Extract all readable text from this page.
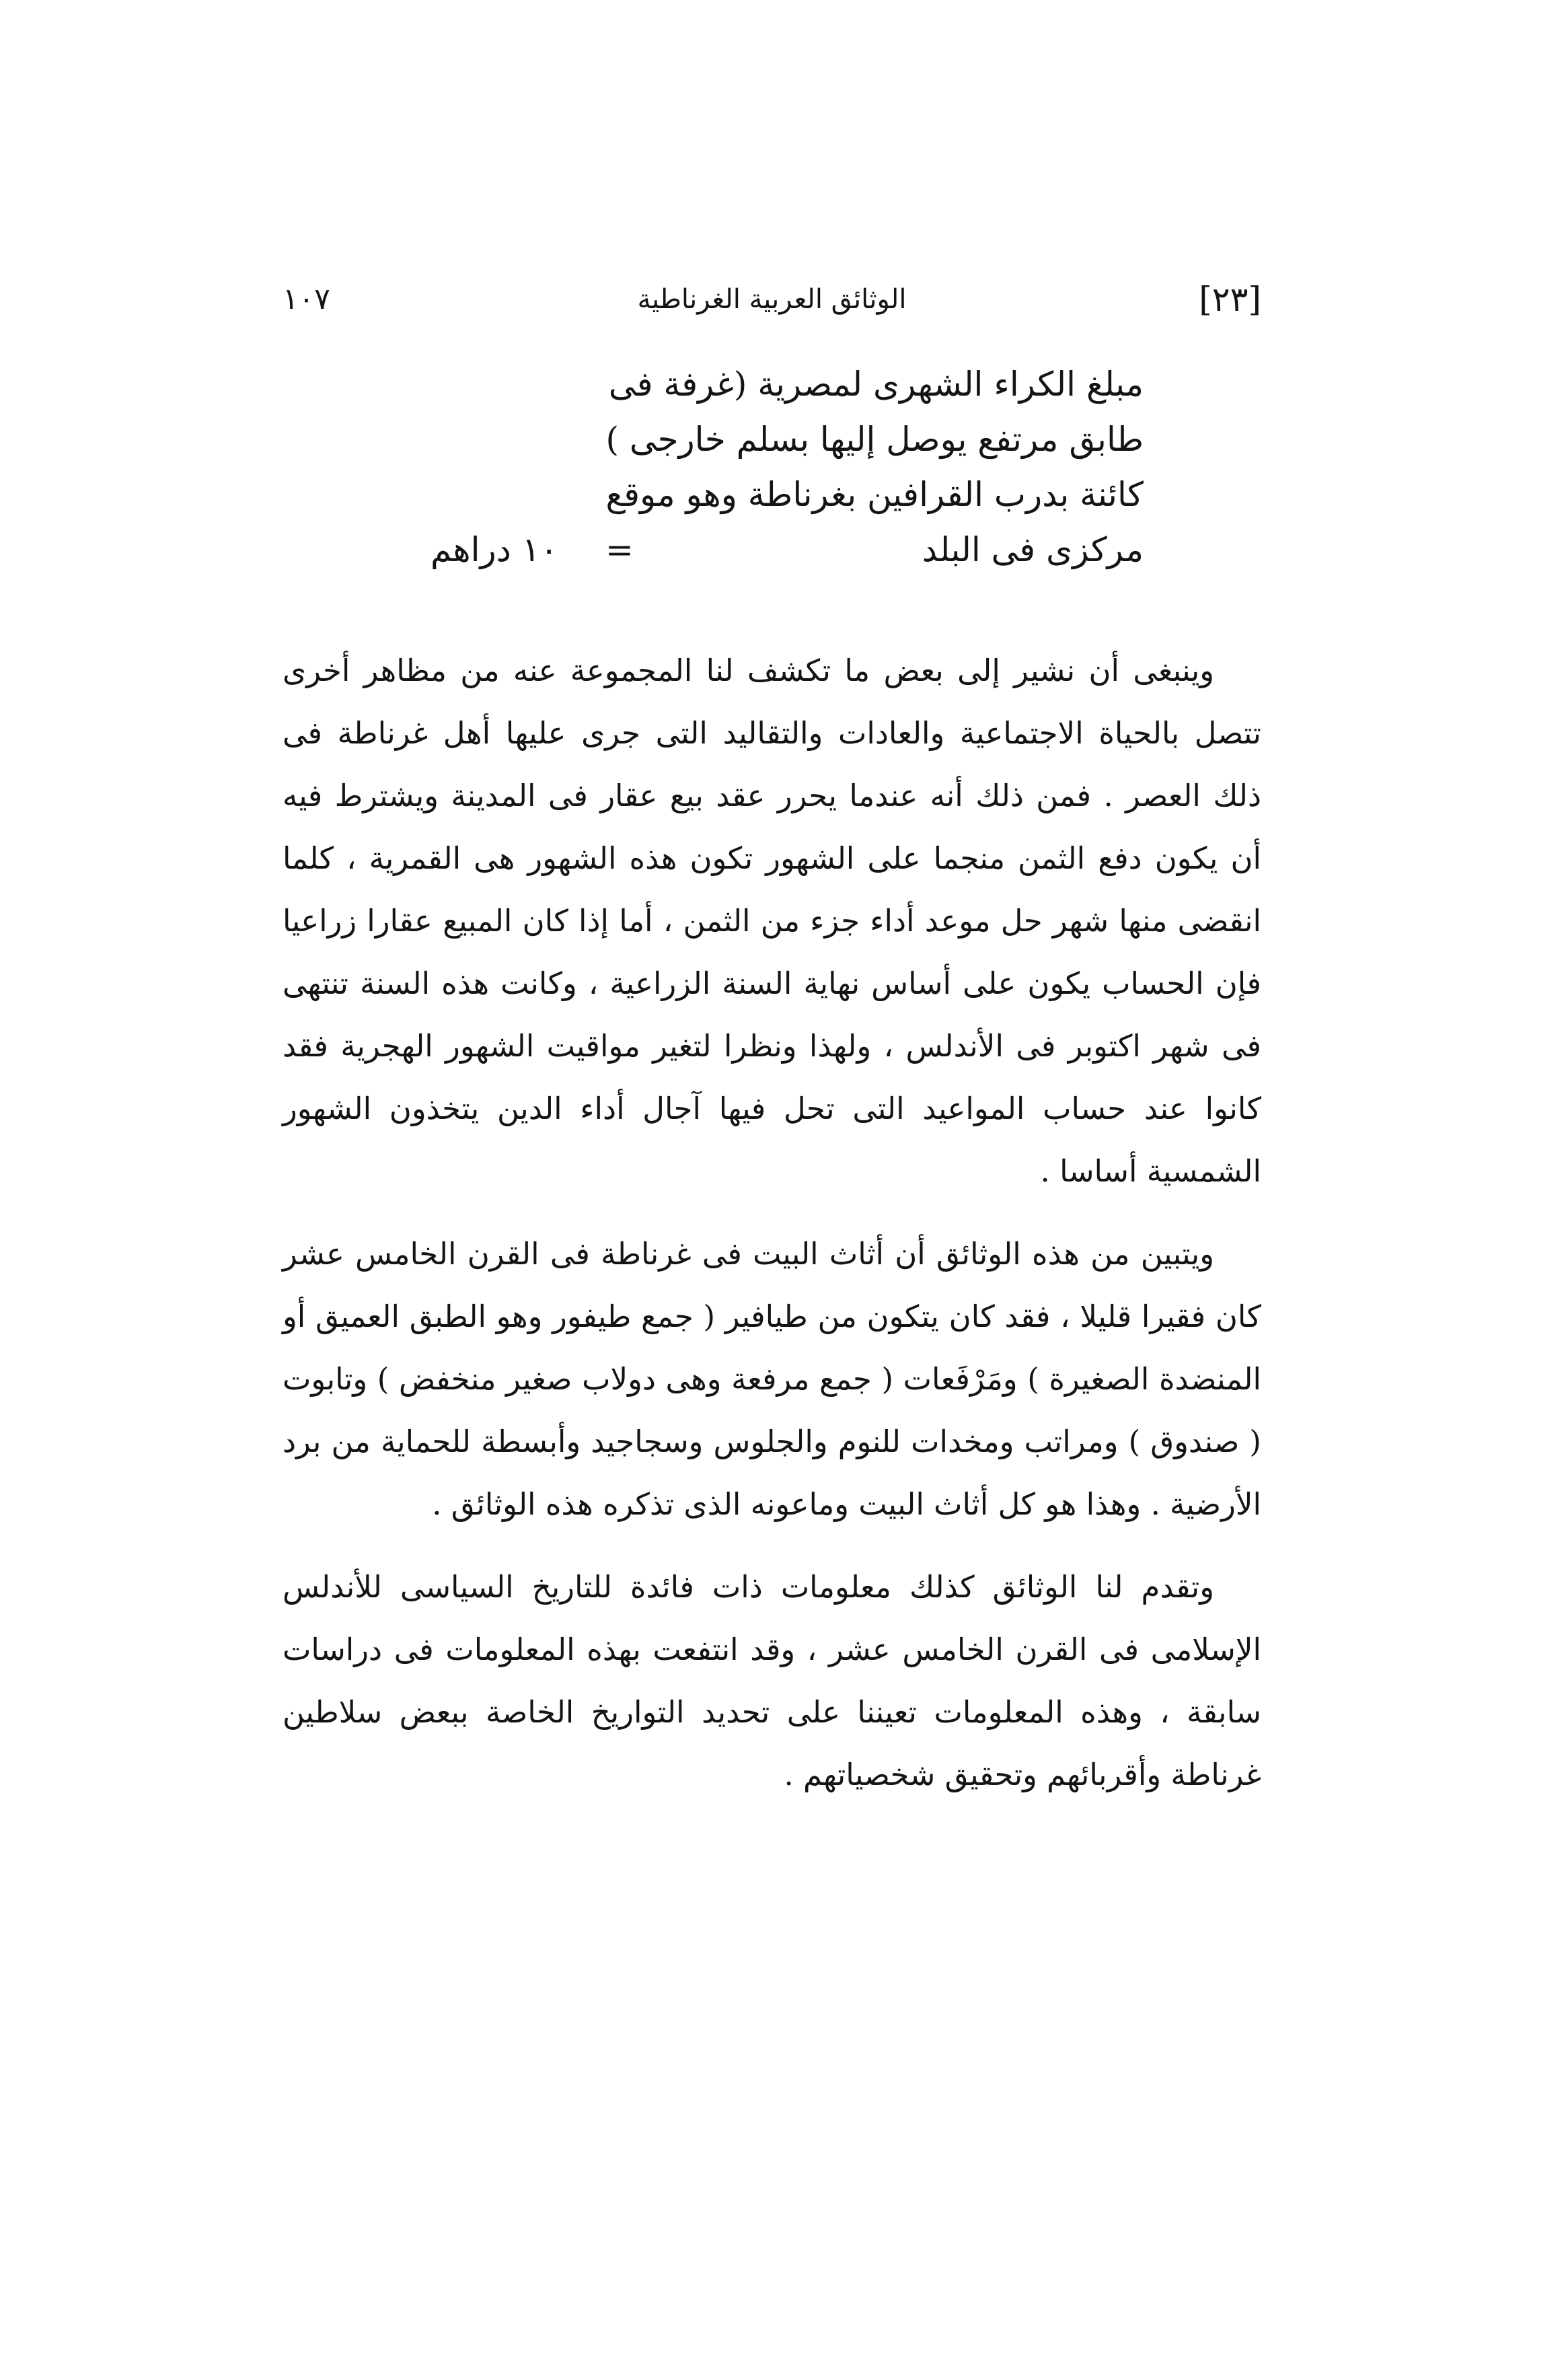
[٢٣]
الوثائق العربية الغرناطية
١٠٧
مبلغ الكراء الشهرى لمصرية (غرفة فى
طابق مرتفع يوصل إليها بسلم خارجى )
كائنة بدرب القرافين بغرناطة وهو موقع
مركزى فى البلد
=
١٠ دراهم

وينبغى أن نشير إلى بعض ما تكشف لنا المجموعة عنه من مظاهر أخرى تتصل بالحياة الاجتماعية والعادات والتقاليد التى جرى عليها أهل غرناطة فى ذلك العصر . فمن ذلك أنه عندما يحرر عقد بيع عقار فى المدينة ويشترط فيه أن يكون دفع الثمن منجما على الشهور تكون هذه الشهور هى القمرية ، كلما انقضى منها شهر حل موعد أداء جزء من الثمن ، أما إذا كان المبيع عقارا زراعيا فإن الحساب يكون على أساس نهاية السنة الزراعية ، وكانت هذه السنة تنتهى فى شهر اكتوبر فى الأندلس ، ولهذا ونظرا لتغير مواقيت الشهور الهجرية فقد كانوا عند حساب المواعيد التى تحل فيها آجال أداء الدين يتخذون الشهور الشمسية أساسا .

ويتبين من هذه الوثائق أن أثاث البيت فى غرناطة فى القرن الخامس عشر كان فقيرا قليلا ، فقد كان يتكون من طيافير ( جمع طيفور وهو الطبق العميق أو المنضدة الصغيرة ) ومَرْفَعات ( جمع مرفعة وهى دولاب صغير منخفض ) وتابوت ( صندوق ) ومراتب ومخدات للنوم والجلوس وسجاجيد وأبسطة للحماية من برد الأرضية . وهذا هو كل أثاث البيت وماعونه الذى تذكره هذه الوثائق .

وتقدم لنا الوثائق كذلك معلومات ذات فائدة للتاريخ السياسى للأندلس الإسلامى فى القرن الخامس عشر ، وقد انتفعت بهذه المعلومات فى دراسات سابقة ، وهذه المعلومات تعيننا على تحديد التواريخ الخاصة ببعض سلاطين غرناطة وأقربائهم وتحقيق شخصياتهم .
